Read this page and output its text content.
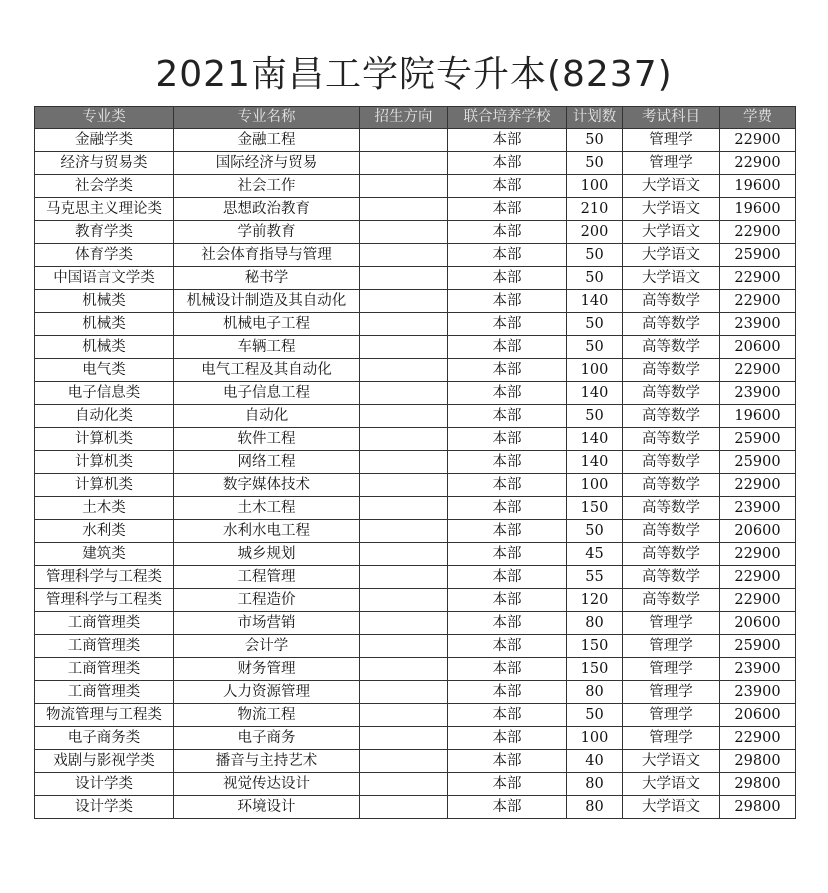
2021南昌工学院专升本(8237)
专业类	专业名称	招生方向	联合培养学校	计划数	考试科目	学费
金融学类	金融工程		本部	50	管理学	22900
经济与贸易类	国际经济与贸易		本部	50	管理学	22900
社会学类	社会工作		本部	100	大学语文	19600
马克思主义理论类	思想政治教育		本部	210	大学语文	19600
教育学类	学前教育		本部	200	大学语文	22900
体育学类	社会体育指导与管理		本部	50	大学语文	25900
中国语言文学类	秘书学		本部	50	大学语文	22900
机械类	机械设计制造及其自动化		本部	140	高等数学	22900
机械类	机械电子工程		本部	50	高等数学	23900
机械类	车辆工程		本部	50	高等数学	20600
电气类	电气工程及其自动化		本部	100	高等数学	22900
电子信息类	电子信息工程		本部	140	高等数学	23900
自动化类	自动化		本部	50	高等数学	19600
计算机类	软件工程		本部	140	高等数学	25900
计算机类	网络工程		本部	140	高等数学	25900
计算机类	数字媒体技术		本部	100	高等数学	22900
土木类	土木工程		本部	150	高等数学	23900
水利类	水利水电工程		本部	50	高等数学	20600
建筑类	城乡规划		本部	45	高等数学	22900
管理科学与工程类	工程管理		本部	55	高等数学	22900
管理科学与工程类	工程造价		本部	120	高等数学	22900
工商管理类	市场营销		本部	80	管理学	20600
工商管理类	会计学		本部	150	管理学	25900
工商管理类	财务管理		本部	150	管理学	23900
工商管理类	人力资源管理		本部	80	管理学	23900
物流管理与工程类	物流工程		本部	50	管理学	20600
电子商务类	电子商务		本部	100	管理学	22900
戏剧与影视学类	播音与主持艺术		本部	40	大学语文	29800
设计学类	视觉传达设计		本部	80	大学语文	29800
设计学类	环境设计		本部	80	大学语文	29800
